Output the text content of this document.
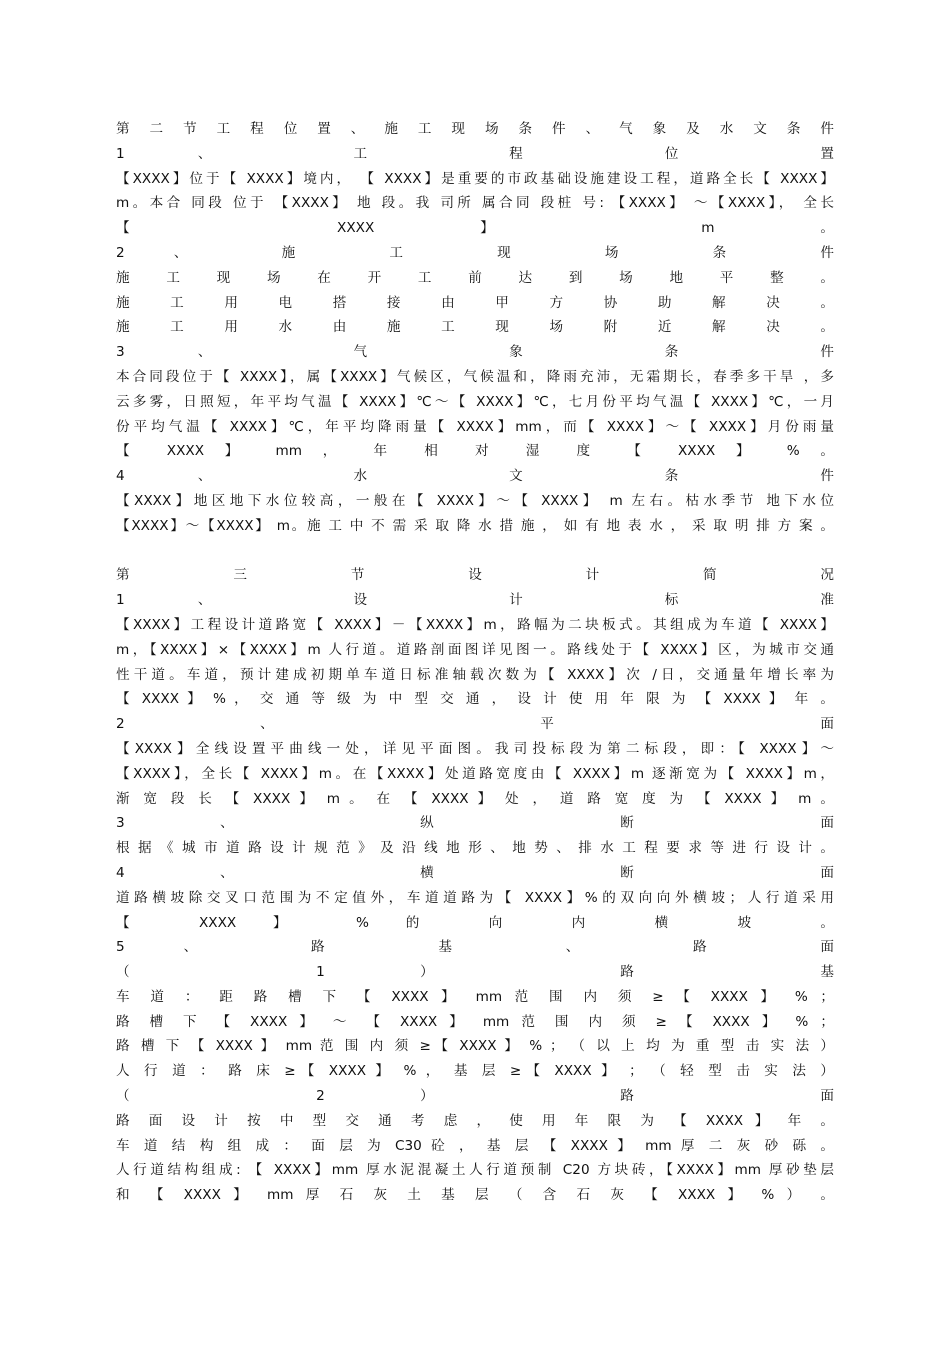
第 二 节 工 程 位 置 、 施 工 现 场 条 件 、 气 象 及 水 文 条 件
1 、 工 程 位 置
【XXXX】位于【 XXXX】境内， 【 XXXX】是重要的市政基础设施建设工程，道路全长【 XXXX】
m。本合 同段 位于 【XXXX】 地 段。我 司所 属合同 段桩 号: 【XXXX】 ～【XXXX】， 全长
【 XXXX 】 m 。
2 、 施 工 现 场 条 件
施 工 现 场 在 开 工 前 达 到 场 地 平 整 。
施 工 用 电 搭 接 由 甲 方 协 助 解 决 。
施 工 用 水 由 施 工 现 场 附 近 解 决 。
3 、 气 象 条 件
本合同段位于【 XXXX】，属【XXXX】气候区，气候温和，降雨充沛，无霜期长，春季多干旱 ，多
云多雾，日照短，年平均气温【 XXXX】℃～【 XXXX】℃，七月份平均气温【 XXXX】℃，一月
份平均气温【 XXXX】℃，年平均降雨量【 XXXX】mm，而【 XXXX】～【 XXXX】月份雨量
【 XXXX 】 mm ， 年 相 对 湿 度 【 XXXX 】 % 。
4 、 水 文 条 件
【XXXX】地区地下水位较高，一般在【 XXXX】～【 XXXX】 m 左右。枯水季节 地下水位
【XXXX】～【XXXX】 m。施 工 中 不 需 采 取 降 水 措 施 ， 如 有 地 表 水 ， 采 取 明 排 方 案 。
第 三 节 设 计 简 况
1 、 设 计 标 准
【XXXX】工程设计道路宽【 XXXX】－【XXXX】m，路幅为二块板式。其组成为车道【 XXXX】
m，【XXXX】×【XXXX】m 人行道。道路剖面图详见图一。路线处于【 XXXX】区，为城市交通
性干道。车道，预计建成初期单车道日标准轴载次数为【 XXXX】次 /日，交通量年增长率为
【 XXXX 】 % ， 交 通 等 级 为 中 型 交 通 ， 设 计 使 用 年 限 为 【 XXXX 】 年 。
2 、 平 面
【XXXX】全线设置平曲线一处，详见平面图。我司投标段为第二标段，即：【 XXXX】～
【XXXX】，全长【 XXXX】m。在【XXXX】处道路宽度由【 XXXX】m 逐渐宽为【 XXXX】m，
渐 宽 段 长 【 XXXX 】 m 。 在 【 XXXX 】 处 ， 道 路 宽 度 为 【 XXXX 】 m 。
3 、 纵 断 面
根 据 《 城 市 道 路 设 计 规 范 》 及 沿 线 地 形 、 地 势 、 排 水 工 程 要 求 等 进 行 设 计 。
4 、 横 断 面
道路横坡除交叉口范围为不定值外，车道道路为【 XXXX】%的双向向外横坡；人行道采用
【 XXXX 】 % 的 向 内 横 坡 。
5 、 路 基 、 路 面
（ 1 ） 路 基
车 道 ： 距 路 槽 下 【 XXXX 】 mm 范 围 内 须 ≥ 【 XXXX 】 % ；
路 槽 下 【 XXXX 】 ～ 【 XXXX 】 mm 范 围 内 须 ≥ 【 XXXX 】 % ；
路 槽 下 【 XXXX 】 mm 范 围 内 须 ≥【 XXXX 】 % ； （ 以 上 均 为 重 型 击 实 法 ）
人 行 道 ： 路 床 ≥【 XXXX 】 % ， 基 层 ≥【 XXXX 】 ； （ 轻 型 击 实 法 ）
（ 2 ） 路 面
路 面 设 计 按 中 型 交 通 考 虑 ， 使 用 年 限 为 【 XXXX 】 年 。
车 道 结 构 组 成 ： 面 层 为 C30 砼 ， 基 层 【 XXXX 】 mm 厚 二 灰 砂 砾 。
人行道结构组成: 【 XXXX】mm 厚水泥混凝土人行道预制 C20 方块砖，【XXXX】mm 厚砂垫层
和 【 XXXX 】 mm 厚 石 灰 土 基 层 （ 含 石 灰 【 XXXX 】 % ） 。
